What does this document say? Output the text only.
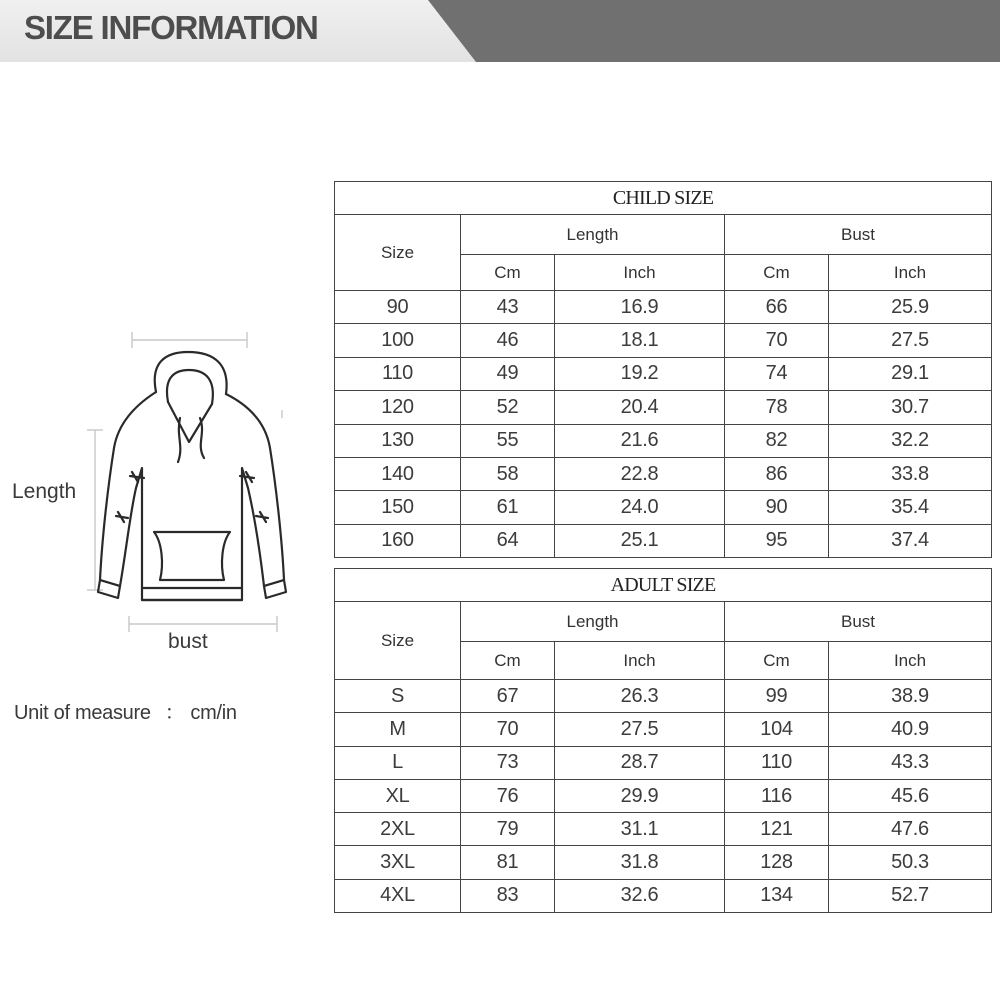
SIZE INFORMATION
Length
bust
Unit of measure ： cm/in
CHILD SIZE				
Size	Length		Bust	
	Cm	Inch	Cm	Inch
90	43	16.9	66	25.9
100	46	18.1	70	27.5
110	49	19.2	74	29.1
120	52	20.4	78	30.7
130	55	21.6	82	32.2
140	58	22.8	86	33.8
150	61	24.0	90	35.4
160	64	25.1	95	37.4
ADULT SIZE				
Size	Length		Bust	
	Cm	Inch	Cm	Inch
S	67	26.3	99	38.9
M	70	27.5	104	40.9
L	73	28.7	110	43.3
XL	76	29.9	116	45.6
2XL	79	31.1	121	47.6
3XL	81	31.8	128	50.3
4XL	83	32.6	134	52.7
